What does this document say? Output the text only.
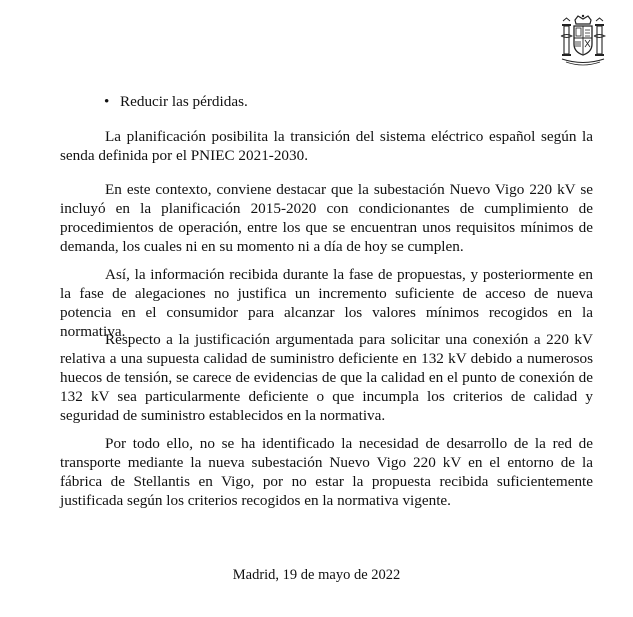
• Reducir las pérdidas.

La planificación posibilita la transición del sistema eléctrico español según la senda definida por el PNIEC 2021-2030.

En este contexto, conviene destacar que la subestación Nuevo Vigo 220 kV se incluyó en la planificación 2015-2020 con condicionantes de cumplimiento de procedimientos de operación, entre los que se encuentran unos requisitos mínimos de demanda, los cuales ni en su momento ni a día de hoy se cumplen.

Así, la información recibida durante la fase de propuestas, y posteriormente en la fase de alegaciones no justifica un incremento suficiente de acceso de nueva potencia en el consumidor para alcanzar los valores mínimos recogidos en la normativa.

Respecto a la justificación argumentada para solicitar una conexión a 220 kV relativa a una supuesta calidad de suministro deficiente en 132 kV debido a numerosos huecos de tensión, se carece de evidencias de que la calidad en el punto de conexión de 132 kV sea particularmente deficiente o que incumpla los criterios de calidad y seguridad de suministro establecidos en la normativa.

Por todo ello, no se ha identificado la necesidad de desarrollo de la red de transporte mediante la nueva subestación Nuevo Vigo 220 kV en el entorno de la fábrica de Stellantis en Vigo, por no estar la propuesta recibida suficientemente justificada según los criterios recogidos en la normativa vigente.

Madrid, 19 de mayo de 2022
